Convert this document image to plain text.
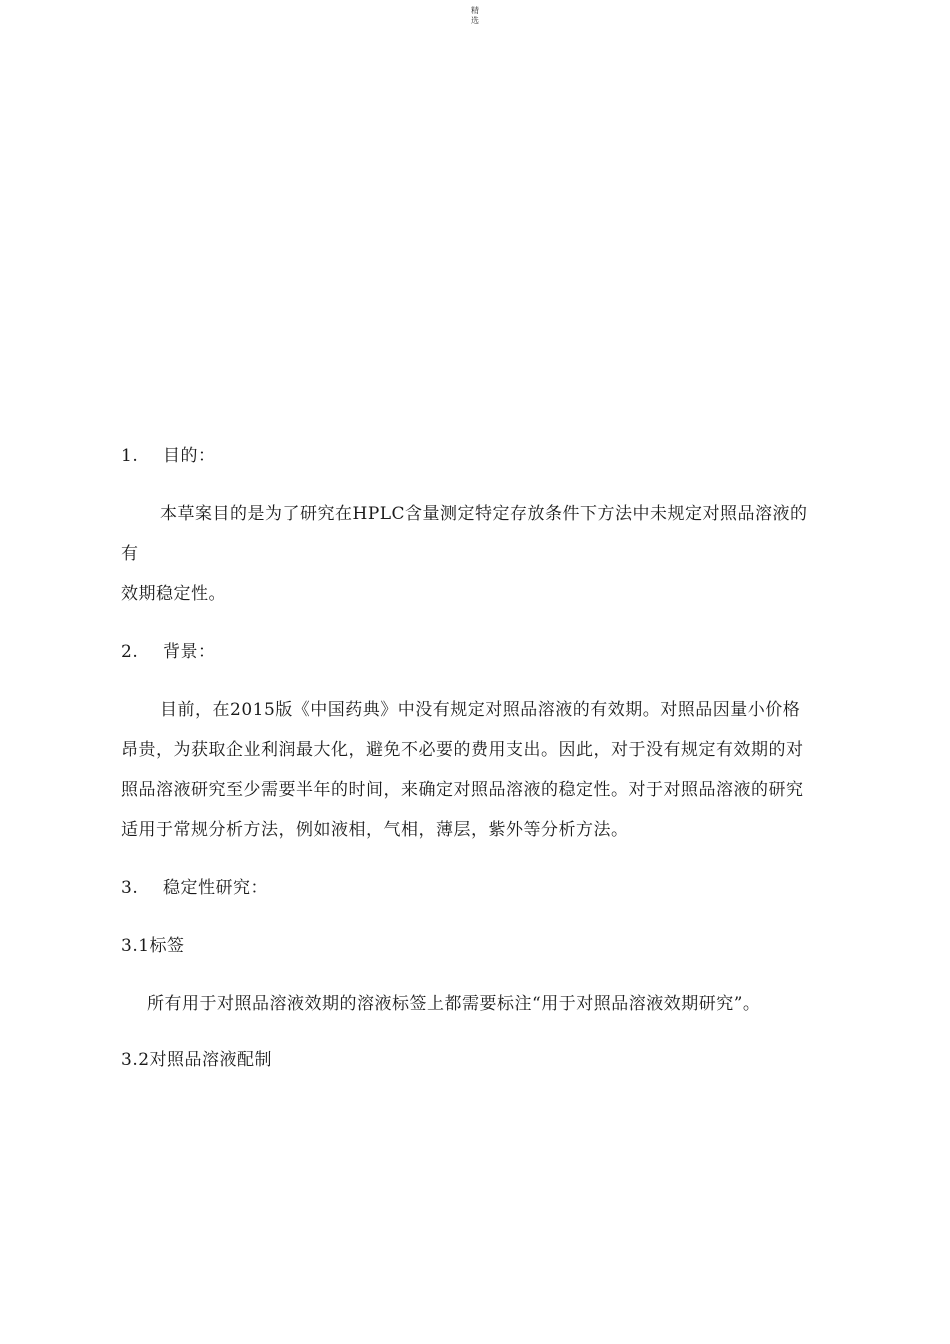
精
选
1. 目的：
本草案目的是为了研究在HPLC含量测定特定存放条件下方法中未规定对照品溶液的
有
效期稳定性。
2. 背景：
目前，在2015版《中国药典》中没有规定对照品溶液的有效期。对照品因量小价格
昂贵，为获取企业利润最大化，避免不必要的费用支出。因此，对于没有规定有效期的对
照品溶液研究至少需要半年的时间，来确定对照品溶液的稳定性。对于对照品溶液的研究
适用于常规分析方法，例如液相，气相，薄层，紫外等分析方法。
3. 稳定性研究：
3.1标签
所有用于对照品溶液效期的溶液标签上都需要标注“用于对照品溶液效期研究”。
3.2对照品溶液配制
